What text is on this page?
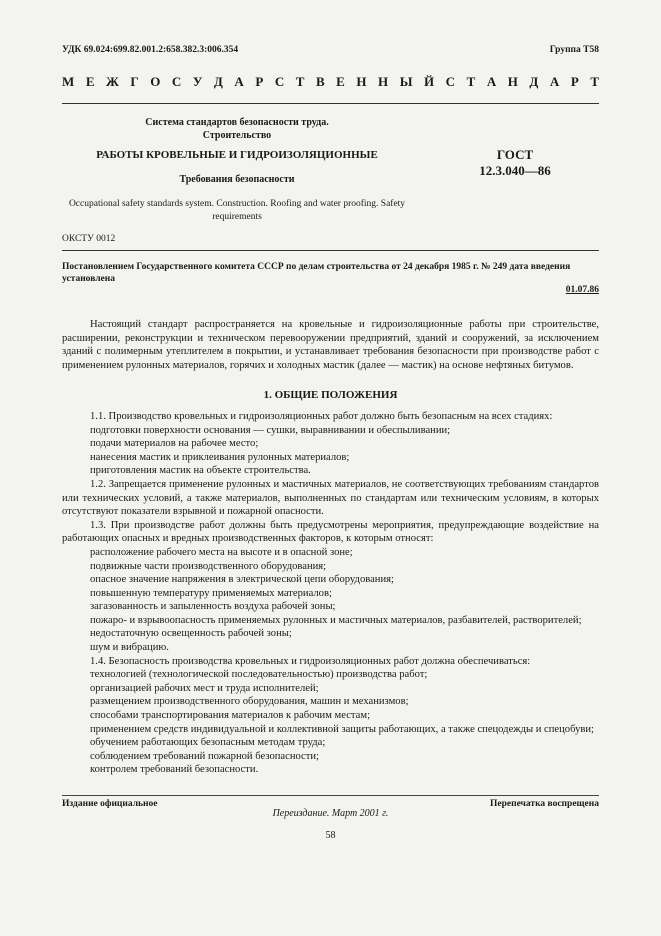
УДК 69.024:699.82.001.2:658.382.3:006.354	Группа Т58
М Е Ж Г О С У Д А Р С Т В Е Н Н Ы Й С Т А Н Д А Р Т
Система стандартов безопасности труда.
Строительство
РАБОТЫ КРОВЕЛЬНЫЕ И ГИДРОИЗОЛЯЦИОННЫЕ
Требования безопасности
ГОСТ
12.3.040—86
Occupational safety standards system. Construction. Roofing and water proofing. Safety requirements
ОКСТУ 0012
Постановлением Государственного комитета СССР по делам строительства от 24 декабря 1985 г. № 249 дата введения установлена
01.07.86

Настоящий стандарт распространяется на кровельные и гидроизоляционные работы при строительстве, расширении, реконструкции и техническом перевооружении предприятий, зданий и сооружений, за исключением зданий с полимерным утеплителем в покрытии, и устанавливает требования безопасности при производстве работ с применением рулонных материалов, горячих и холодных мастик (далее — мастик) на основе нефтяных битумов.

1. ОБЩИЕ ПОЛОЖЕНИЯ

1.1. Производство кровельных и гидроизоляционных работ должно быть безопасным на всех стадиях:

подготовки поверхности основания — сушки, выравнивании и обеспыливании;

подачи материалов на рабочее место;

нанесения мастик и приклеивания рулонных материалов;

приготовления мастик на объекте строительства.

1.2. Запрещается применение рулонных и мастичных материалов, не соответствующих требованиям стандартов или технических условий, а также материалов, выполненных по стандартам или техническим условиям, в которых отсутствуют показатели взрывной и пожарной опасности.

1.3. При производстве работ должны быть предусмотрены мероприятия, предупреждающие воздействие на работающих опасных и вредных производственных факторов, к которым относят:

расположение рабочего места на высоте и в опасной зоне;

подвижные части производственного оборудования;

опасное значение напряжения в электрической цепи оборудования;

повышенную температуру применяемых материалов;

загазованность и запыленность воздуха рабочей зоны;

пожаро- и взрывоопасность применяемых рулонных и мастичных материалов, разбавителей, растворителей;

недостаточную освещенность рабочей зоны;

шум и вибрацию.

1.4. Безопасность производства кровельных и гидроизоляционных работ должна обеспечиваться:

технологией (технологической последовательностью) производства работ;

организацией рабочих мест и труда исполнителей;

размещением производственного оборудования, машин и механизмов;

способами транспортирования материалов к рабочим местам;

применением средств индивидуальной и коллективной защиты работающих, а также спецодежды и спецобуви;

обучением работающих безопасным методам труда;

соблюдением требований пожарной безопасности;

контролем требований безопасности.

Издание официальное	Перепечатка воспрещена
Переиздание. Март 2001 г.
58
